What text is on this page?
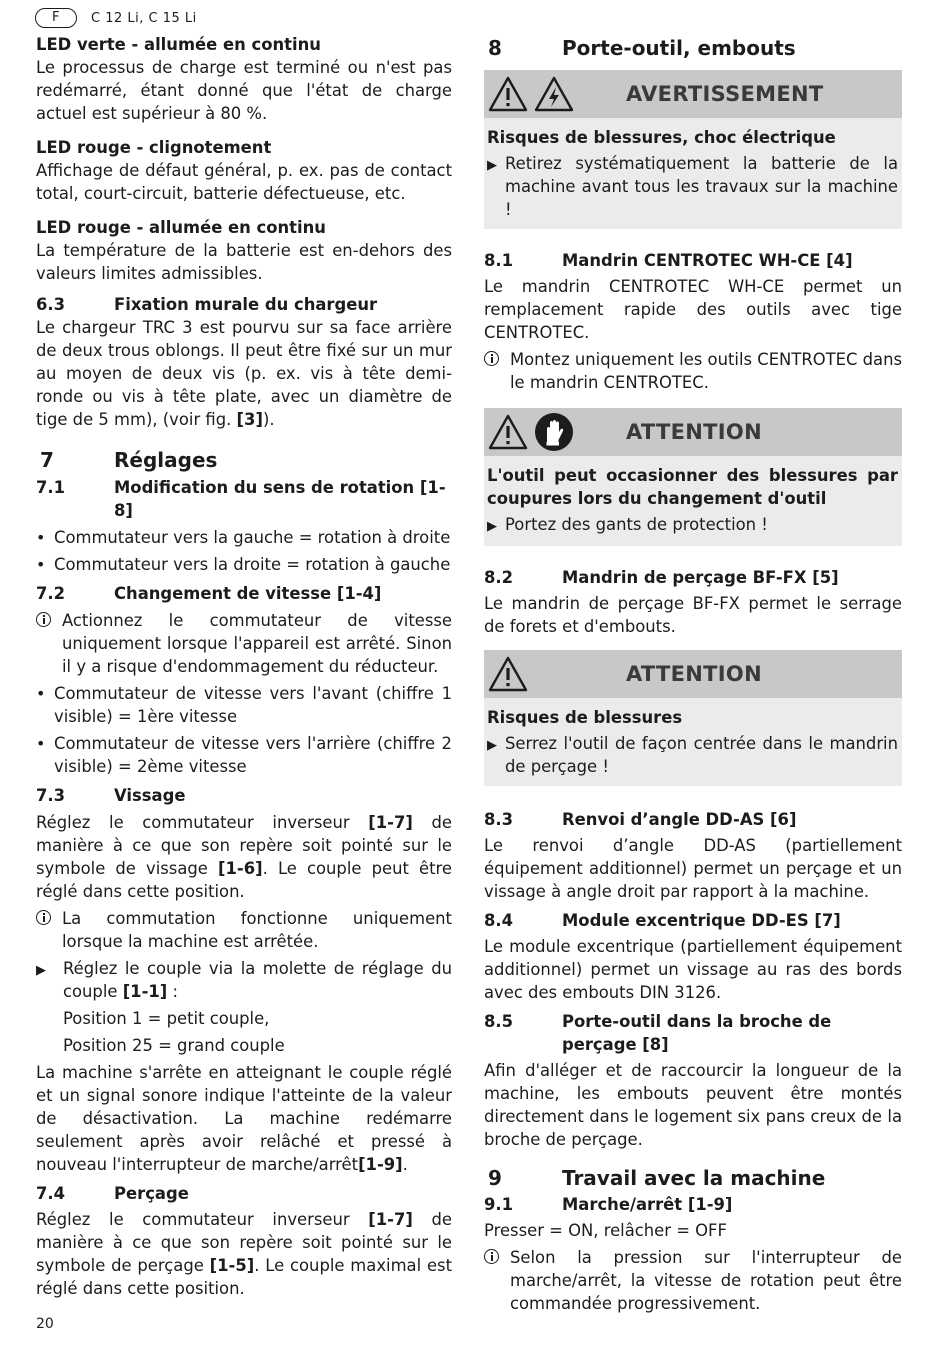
F	C 12 Li, C 15 Li
LED verte - allumée en continu

Le processus de charge est terminé ou n'est pas redémarré, étant donné que l'état de charge actuel est supérieur à 80 %.

LED rouge - clignotement

Affichage de défaut général, p. ex. pas de contact total, court-circuit, batterie défectueuse, etc.

LED rouge - allumée en continu

La température de la batterie est en-dehors des valeurs limites admissibles.

6.3	Fixation murale du chargeur

Le chargeur TRC 3 est pourvu sur sa face arrière de deux trous oblongs. Il peut être fixé sur un mur au moyen de deux vis (p. ex. vis à tête demi-ronde ou vis à tête plate, avec un diamètre de tige de 5 mm), (voir fig. [3]).

7	Réglages
7.1	Modification du sens de rotation [1-8]
• Commutateur vers la gauche = rotation à droite
• Commutateur vers la droite = rotation à gauche
7.2	Changement de vitesse [1-4]
Actionnez le commutateur de vitesse uniquement lorsque l'appareil est arrêté. Sinon il y a risque d'endommagement du réducteur.
• Commutateur de vitesse vers l'avant (chiffre 1 visible) = 1ère vitesse
• Commutateur de vitesse vers l'arrière (chiffre 2 visible) = 2ème vitesse
7.3	Vissage

Réglez le commutateur inverseur [1-7] de manière à ce que son repère soit pointé sur le symbole de vissage [1-6]. Le couple peut être réglé dans cette position.

La commutation fonctionne uniquement lorsque la machine est arrêtée.
▶	Réglez le couple via la molette de réglage du couple [1-1] :
Position 1 = petit couple,
Position 25 = grand couple

La machine s'arrête en atteignant le couple réglé et un signal sonore indique l'atteinte de la valeur de désactivation. La machine redémarre seulement après avoir relâché et pressé à nouveau l'interrupteur de marche/arrêt[1-9].

7.4	Perçage

Réglez le commutateur inverseur [1-7] de manière à ce que son repère soit pointé sur le symbole de perçage [1-5]. Le couple maximal est réglé dans cette position.

8	Porte-outil, embouts
AVERTISSEMENT
Risques de blessures, choc électrique
▶ Retirez systématiquement la batterie de la machine avant tous les travaux sur la machine !
8.1	Mandrin CENTROTEC WH-CE [4]

Le mandrin CENTROTEC WH-CE permet un remplacement rapide des outils avec tige CENTROTEC.

Montez uniquement les outils CENTROTEC dans le mandrin CENTROTEC.
ATTENTION
L'outil peut occasionner des blessures par coupures lors du changement d'outil
▶ Portez des gants de protection !
8.2	Mandrin de perçage BF-FX [5]

Le mandrin de perçage BF-FX permet le serrage de forets et d'embouts.

ATTENTION
Risques de blessures
▶ Serrez l'outil de façon centrée dans le mandrin de perçage !
8.3	Renvoi d’angle DD-AS [6]

Le renvoi d’angle DD-AS (partiellement équipement additionnel) permet un perçage et un vissage à angle droit par rapport à la machine.

8.4	Module excentrique DD-ES [7]

Le module excentrique (partiellement équipement additionnel) permet un vissage au ras des bords avec des embouts DIN 3126.

8.5	Porte-outil dans la broche de perçage [8]

Afin d'alléger et de raccourcir la longueur de la machine, les embouts peuvent être montés directement dans le logement six pans creux de la broche de perçage.

9	Travail avec la machine
9.1	Marche/arrêt [1-9]

Presser = ON, relâcher = OFF

Selon la pression sur l'interrupteur de marche/arrêt, la vitesse de rotation peut être commandée progressivement.
20
